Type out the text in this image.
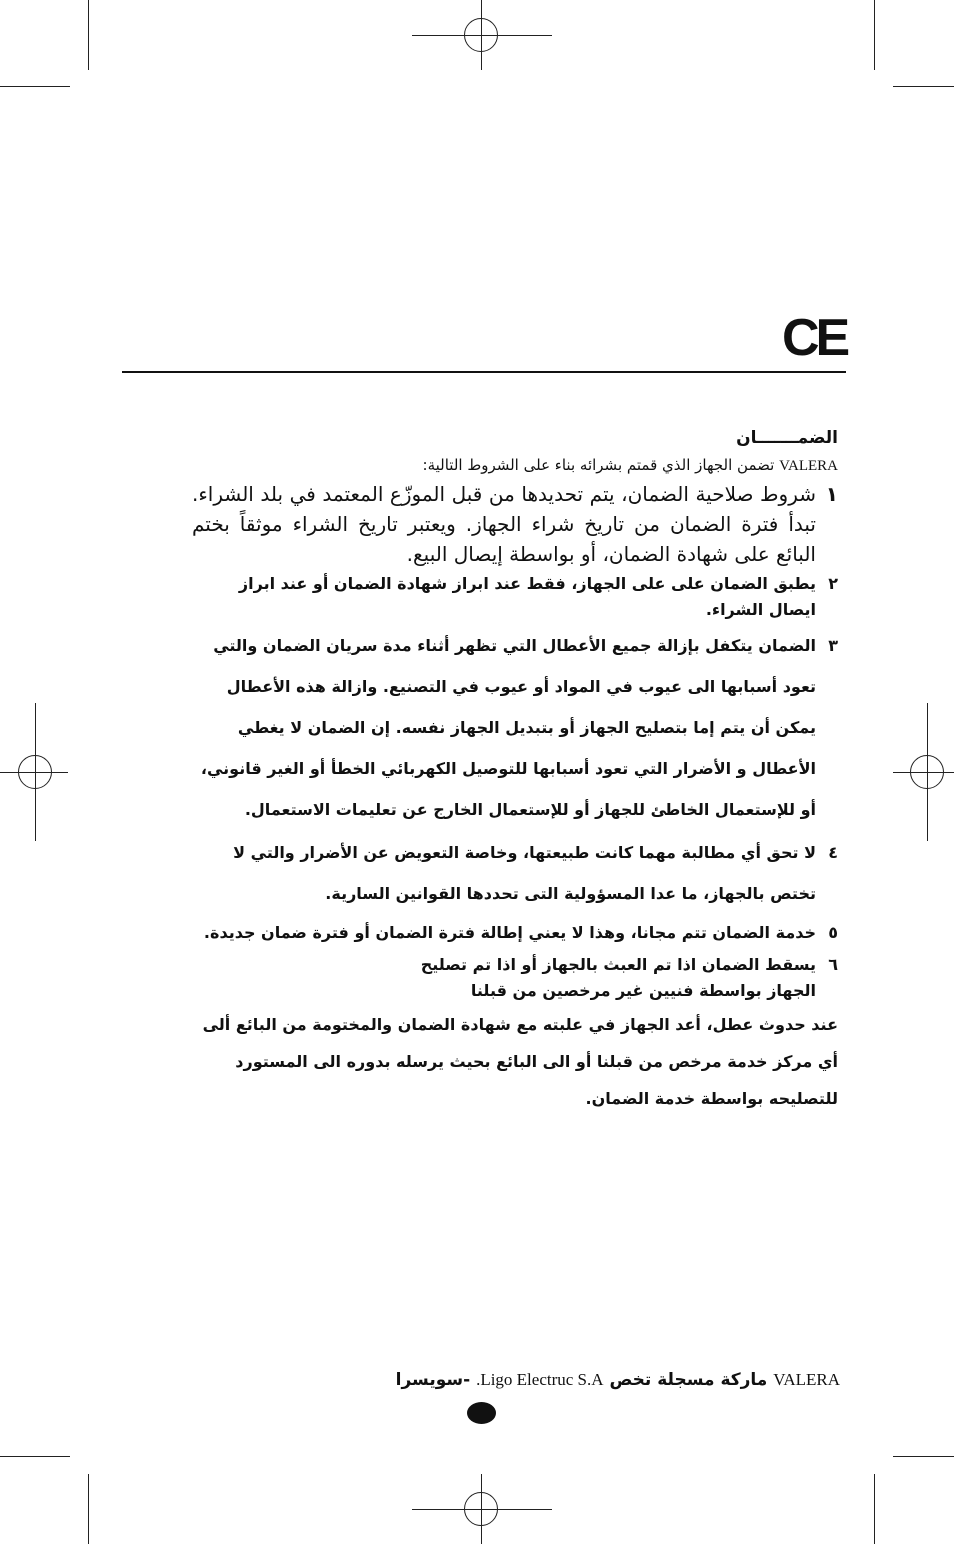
CE
الضمـــــــان
VALERA تضمن الجهاز الذي قمتم بشرائه بناء على الشروط التالية:
١
شروط صلاحية الضمان، يتم تحديدها من قبل الموزّع المعتمد في بلد الشراء. تبدأ فترة الضمان من تاريخ شراء الجهاز. ويعتبر تاريخ الشراء موثقاً بختم البائع على شهادة الضمان، أو بواسطة إيصال البيع.
٢
يطبق الضمان على على الجهاز، فقط عند ابراز شهادة الضمان أو عند ابراز ايصال الشراء.
٣
الضمان يتكفل بإزالة جميع الأعطال التي تظهر أثناء مدة سريان الضمان والتي تعود أسبابها الى عيوب في المواد أو عيوب في التصنيع. وازالة هذه الأعطال يمكن أن يتم إما بتصليح الجهاز أو بتبديل الجهاز نفسه. إن الضمان لا يغطي الأعطال و الأضرار التي تعود أسبابها للتوصيل الكهربائي الخطأ أو الغير قانوني، أو للإستعمال الخاطئ للجهاز أو للإستعمال الخارج عن تعليمات الاستعمال.
٤
لا تحق أي مطالبة مهما كانت طبيعتها، وخاصة التعويض عن الأضرار والتي لا تختص بالجهاز، ما عدا المسؤولية التى تحددها القوانين السارية.
٥
خدمة الضمان تتم مجانا، وهذا لا يعني إطالة فترة الضمان أو فترة ضمان جديدة.
٦
يسقط الضمان اذا تم العبث بالجهاز أو اذا تم تصليح الجهاز بواسطة فنيين غير مرخصين من قبلنا
عند حدوث عطل، أعد الجهاز في علبته مع شهادة الضمان والمختومة من البائع ألى أي مركز خدمة مرخص من قبلنا أو الى البائع بحيث يرسله بدوره الى المستورد للتصليحه بواسطة خدمة الضمان.
VALERA ماركة مسجلة تخص Ligo Electruc S.A. -سويسرا
